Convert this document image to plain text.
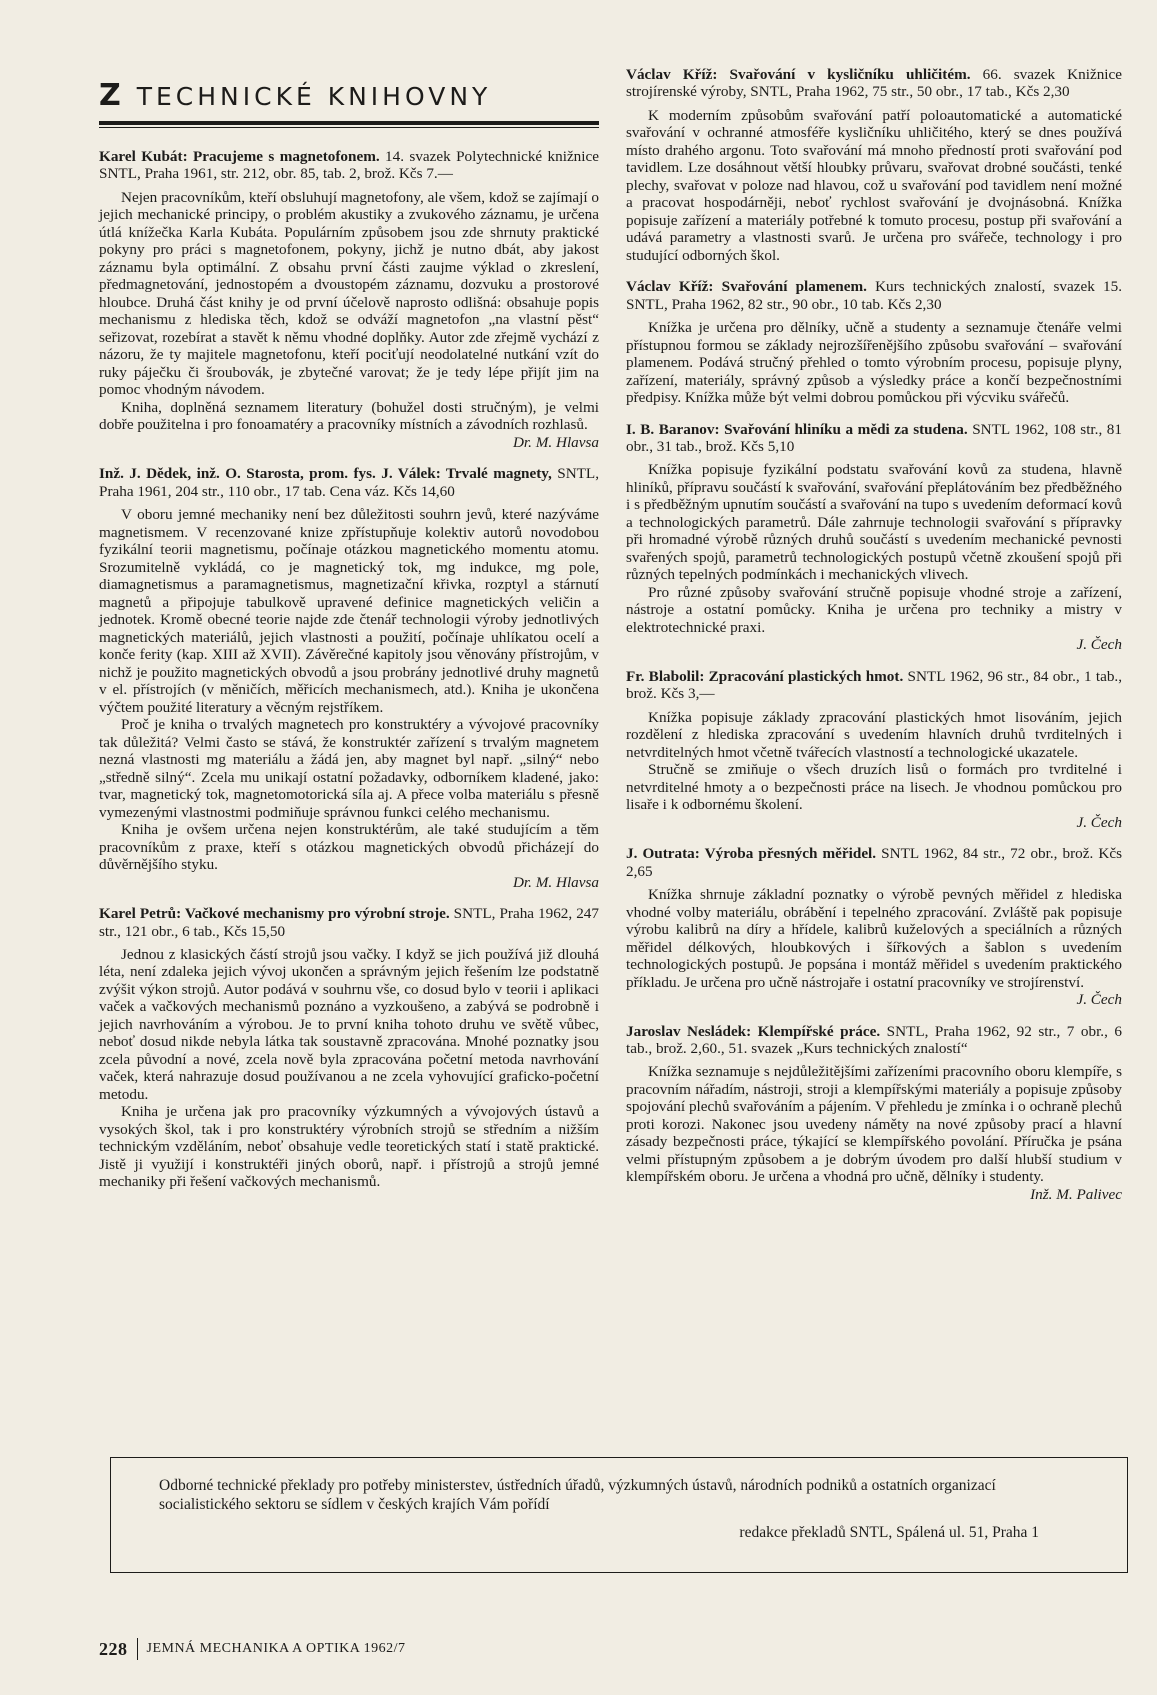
Z TECHNICKÉ KNIHOVNY
Karel Kubát: Pracujeme s magnetofonem. 14. svazek Polytechnické knižnice SNTL, Praha 1961, str. 212, obr. 85, tab. 2, brož. Kčs 7.—

Nejen pracovníkům, kteří obsluhují magnetofony, ale všem, kdož se zajímají o jejich mechanické principy, o problém akustiky a zvukového záznamu, je určena útlá knížečka Karla Kubáta. Populárním způsobem jsou zde shrnuty praktické pokyny pro práci s magnetofonem, pokyny, jichž je nutno dbát, aby jakost záznamu byla optimální. Z obsahu první části zaujme výklad o zkreslení, předmagnetování, jednostopém a dvoustopém záznamu, dozvuku a prostorové hloubce. Druhá část knihy je od první účelově naprosto odlišná: obsahuje popis mechanismu z hlediska těch, kdož se odváží magnetofon „na vlastní pěst“ seřizovat, rozebírat a stavět k němu vhodné doplňky. Autor zde zřejmě vychází z názoru, že ty majitele magnetofonu, kteří pociťují neodolatelné nutkání vzít do ruky páječku či šroubovák, je zbytečné varovat; že je tedy lépe přijít jim na pomoc vhodným návodem.

Kniha, doplněná seznamem literatury (bohužel dosti stručným), je velmi dobře použitelna i pro fonoamatéry a pracovníky místních a závodních rozhlasů.

Dr. M. Hlavsa
Inž. J. Dědek, inž. O. Starosta, prom. fys. J. Válek: Trvalé magnety, SNTL, Praha 1961, 204 str., 110 obr., 17 tab. Cena váz. Kčs 14,60

V oboru jemné mechaniky není bez důležitosti souhrn jevů, které nazýváme magnetismem. V recenzované knize zpřístupňuje kolektiv autorů novodobou fyzikální teorii magnetismu, počínaje otázkou magnetického momentu atomu. Srozumitelně vykládá, co je magnetický tok, mg indukce, mg pole, diamagnetismus a paramagnetismus, magnetizační křivka, rozptyl a stárnutí magnetů a připojuje tabulkově upravené definice magnetických veličin a jednotek. Kromě obecné teorie najde zde čtenář technologii výroby jednotlivých magnetických materiálů, jejich vlastnosti a použití, počínaje uhlíkatou ocelí a konče ferity (kap. XIII až XVII). Závěrečné kapitoly jsou věnovány přístrojům, v nichž je použito magnetických obvodů a jsou probrány jednotlivé druhy magnetů v el. přístrojích (v měničích, měřicích mechanismech, atd.). Kniha je ukončena výčtem použité literatury a věcným rejstříkem.

Proč je kniha o trvalých magnetech pro konstruktéry a vývojové pracovníky tak důležitá? Velmi často se stává, že konstruktér zařízení s trvalým magnetem nezná vlastnosti mg materiálu a žádá jen, aby magnet byl např. „silný“ nebo „středně silný“. Zcela mu unikají ostatní požadavky, odborníkem kladené, jako: tvar, magnetický tok, magnetomotorická síla aj. A přece volba materiálu s přesně vymezenými vlastnostmi podmiňuje správnou funkci celého mechanismu.

Kniha je ovšem určena nejen konstruktérům, ale také studujícím a těm pracovníkům z praxe, kteří s otázkou magnetických obvodů přicházejí do důvěrnějšího styku.

Dr. M. Hlavsa
Karel Petrů: Vačkové mechanismy pro výrobní stroje. SNTL, Praha 1962, 247 str., 121 obr., 6 tab., Kčs 15,50

Jednou z klasických částí strojů jsou vačky. I když se jich používá již dlouhá léta, není zdaleka jejich vývoj ukončen a správným jejich řešením lze podstatně zvýšit výkon strojů. Autor podává v souhrnu vše, co dosud bylo v teorii i aplikaci vaček a vačkových mechanismů poznáno a vyzkoušeno, a zabývá se podrobně i jejich navrhováním a výrobou. Je to první kniha tohoto druhu ve světě vůbec, neboť dosud nikde nebyla látka tak soustavně zpracována. Mnohé poznatky jsou zcela původní a nové, zcela nově byla zpracována početní metoda navrhování vaček, která nahrazuje dosud používanou a ne zcela vyhovující graficko-početní metodu.

Kniha je určena jak pro pracovníky výzkumných a vývojových ústavů a vysokých škol, tak i pro konstruktéry výrobních strojů se středním a nižším technickým vzděláním, neboť obsahuje vedle teoretických statí i statě praktické. Jistě ji využijí i konstruktéři jiných oborů, např. i přístrojů a strojů jemné mechaniky při řešení vačkových mechanismů.

Václav Kříž: Svařování v kysličníku uhličitém. 66. svazek Knižnice strojírenské výroby, SNTL, Praha 1962, 75 str., 50 obr., 17 tab., Kčs 2,30

K moderním způsobům svařování patří poloautomatické a automatické svařování v ochranné atmosféře kysličníku uhličitého, který se dnes používá místo drahého argonu. Toto svařování má mnoho předností proti svařování pod tavidlem. Lze dosáhnout větší hloubky průvaru, svařovat drobné součásti, tenké plechy, svařovat v poloze nad hlavou, což u svařování pod tavidlem není možné a pracovat hospodárněji, neboť rychlost svařování je dvojnásobná. Knížka popisuje zařízení a materiály potřebné k tomuto procesu, postup při svařování a udává parametry a vlastnosti svarů. Je určena pro svářeče, technology i pro studující odborných škol.

Václav Kříž: Svařování plamenem. Kurs technických znalostí, svazek 15. SNTL, Praha 1962, 82 str., 90 obr., 10 tab. Kčs 2,30

Knížka je určena pro dělníky, učně a studenty a seznamuje čtenáře velmi přístupnou formou se základy nejrozšířenějšího způsobu svařování – svařování plamenem. Podává stručný přehled o tomto výrobním procesu, popisuje plyny, zařízení, materiály, správný způsob a výsledky práce a končí bezpečnostními předpisy. Knížka může být velmi dobrou pomůckou při výcviku svářečů.

I. B. Baranov: Svařování hliníku a mědi za studena. SNTL 1962, 108 str., 81 obr., 31 tab., brož. Kčs 5,10

Knížka popisuje fyzikální podstatu svařování kovů za studena, hlavně hliníků, přípravu součástí k svařování, svařování přeplátováním bez předběžného i s předběžným upnutím součástí a svařování na tupo s uvedením deformací kovů a technologických parametrů. Dále zahrnuje technologii svařování s přípravky při hromadné výrobě různých druhů součástí s uvedením mechanické pevnosti svařených spojů, parametrů technologických postupů včetně zkoušení spojů při různých tepelných podmínkách i mechanických vlivech.

Pro různé způsoby svařování stručně popisuje vhodné stroje a zařízení, nástroje a ostatní pomůcky. Kniha je určena pro techniky a mistry v elektrotechnické praxi.

J. Čech
Fr. Blabolil: Zpracování plastických hmot. SNTL 1962, 96 str., 84 obr., 1 tab., brož. Kčs 3,—

Knížka popisuje základy zpracování plastických hmot lisováním, jejich rozdělení z hlediska zpracování s uvedením hlavních druhů tvrditelných i netvrditelných hmot včetně tvářecích vlastností a technologické ukazatele.

Stručně se zmiňuje o všech druzích lisů o formách pro tvrditelné i netvrditelné hmoty a o bezpečnosti práce na lisech. Je vhodnou pomůckou pro lisaře i k odbornému školení.

J. Čech
J. Outrata: Výroba přesných měřidel. SNTL 1962, 84 str., 72 obr., brož. Kčs 2,65

Knížka shrnuje základní poznatky o výrobě pevných měřidel z hlediska vhodné volby materiálu, obrábění i tepelného zpracování. Zvláště pak popisuje výrobu kalibrů na díry a hřídele, kalibrů kuželových a speciálních a různých měřidel délkových, hloubkových i šířkových a šablon s uvedením technologických postupů. Je popsána i montáž měřidel s uvedením praktického příkladu. Je určena pro učně nástrojaře i ostatní pracovníky ve strojírenství.

J. Čech
Jaroslav Nesládek: Klempířské práce. SNTL, Praha 1962, 92 str., 7 obr., 6 tab., brož. 2,60., 51. svazek „Kurs technických znalostí“

Knížka seznamuje s nejdůležitějšími zařízeními pracovního oboru klempíře, s pracovním nářadím, nástroji, stroji a klempířskými materiály a popisuje způsoby spojování plechů svařováním a pájením. V přehledu je zmínka i o ochraně plechů proti korozi. Nakonec jsou uvedeny náměty na nové způsoby prací a hlavní zásady bezpečnosti práce, týkající se klempířského povolání. Příručka je psána velmi přístupným způsobem a je dobrým úvodem pro další hlubší studium v klempířském oboru. Je určena a vhodná pro učně, dělníky i studenty.

Inž. M. Palivec
Odborné technické překlady pro potřeby ministerstev, ústředních úřadů, výzkumných ústavů, národních podniků a ostatních organizací socialistického sektoru se sídlem v českých krajích Vám pořídí
redakce překladů SNTL, Spálená ul. 51, Praha 1
228 JEMNÁ MECHANIKA A OPTIKA 1962/7
